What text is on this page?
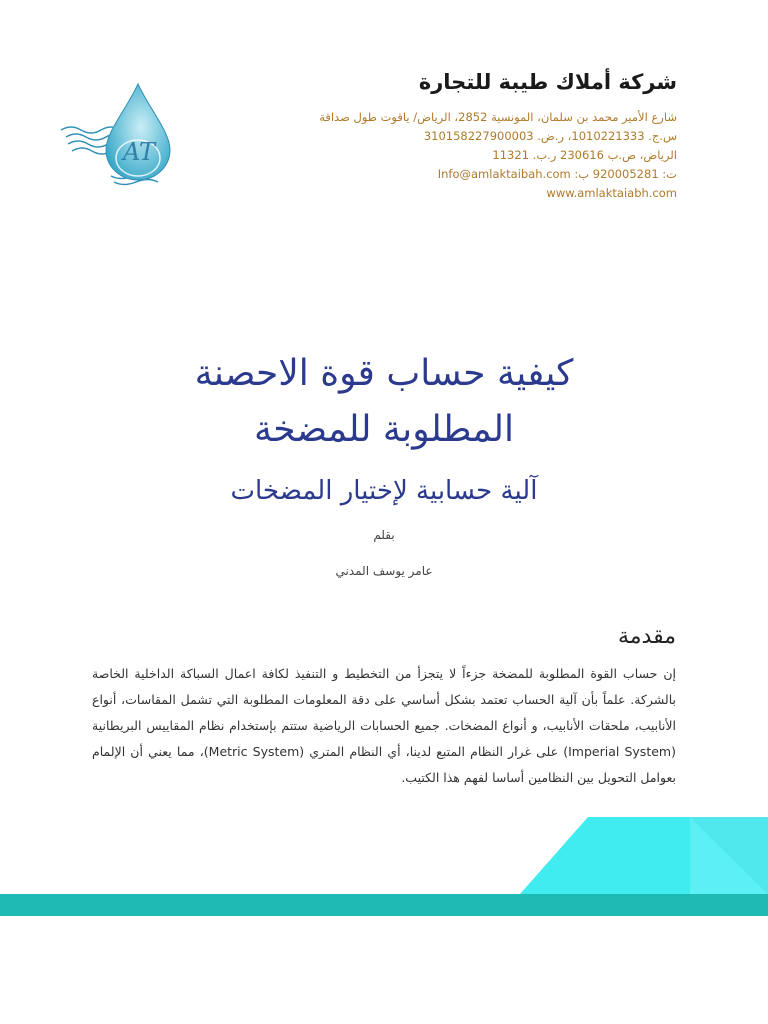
AT
شركة أملاك طيبة للتجارة
شارع الأمير محمد بن سلمان، المونسية 2852، الرياض/ ياقوت طول صداقة
س.ج. 1010221333، ر.ض. 310158227900003
الرياض، ص.ب 230616 ر.ب. 11321
ت: 920005281 ب: Info@amlaktaibah.com
www.amlaktaiabh.com
كيفية حساب قوة الاحصنة
المطلوبة للمضخة
آلية حسابية لإختيار المضخات
بقلم
عامر يوسف المدني
مقدمة
إن حساب القوة المطلوبة للمضخة جزءاً لا يتجزأ من التخطيط و التنفيذ لكافة اعمال السباكة الداخلية الخاصة بالشركة. علماً بأن آلية الحساب تعتمد بشكل أساسي على دقة المعلومات المطلوبة التي تشمل المقاسات، أنواع الأنابيب، ملحقات الأنابيب، و أنواع المضخات. جميع الحسابات الرياضية ستتم بإستخدام نظام المقاييس البريطانية (Imperial System) على غرار النظام المتبع لدينا، أي النظام المتري (Metric System)، مما يعني أن الإلمام بعوامل التحويل بين النظامين أساسا لفهم هذا الكتيب.
